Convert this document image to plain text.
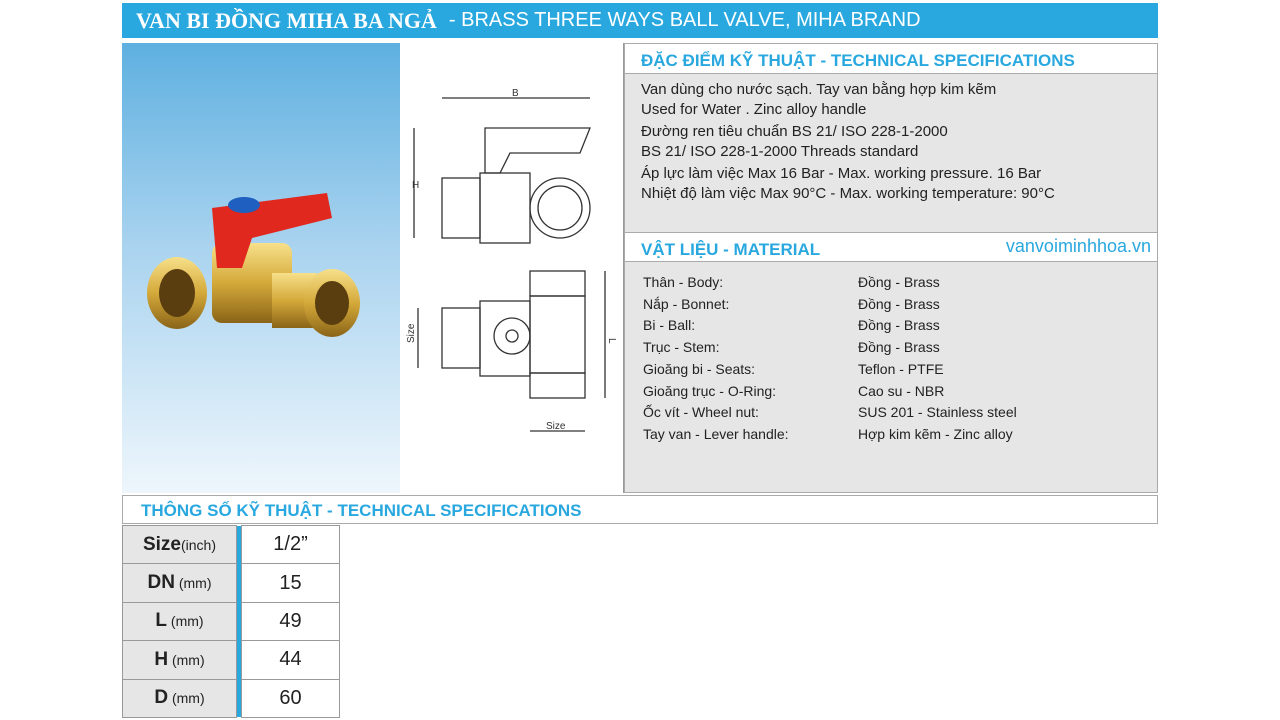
VAN BI ĐỒNG MIHA BA NGẢ - BRASS THREE WAYS BALL VALVE, MIHA BRAND
B
H
Size	L
Size
ĐẶC ĐIỂM KỸ THUẬT - TECHNICAL SPECIFICATIONS
Van dùng cho nước sạch. Tay van bằng hợp kim kẽm
Used for Water . Zinc alloy handle
Đường ren tiêu chuẩn BS 21/ ISO 228-1-2000
BS 21/ ISO 228-1-2000 Threads standard
Áp lực làm việc Max 16 Bar - Max. working pressure. 16 Bar
Nhiệt độ làm việc Max 90°C - Max. working temperature: 90°C
VẬT LIỆU - MATERIAL	vanvoiminhhoa.vn
Thân - Body:	Đồng - Brass
Nắp - Bonnet:	Đồng - Brass
Bi - Ball:	Đồng - Brass
Trục - Stem:	Đồng - Brass
Gioăng bi - Seats:	Teflon - PTFE
Gioăng trục - O-Ring:	Cao su - NBR
Ốc vít - Wheel nut:	SUS 201 - Stainless steel
Tay van - Lever handle:	Hợp kim kẽm - Zinc alloy
THÔNG SỐ KỸ THUẬT - TECHNICAL SPECIFICATIONS
Size(inch)		1/2”
DN (mm)		15
L (mm)		49
H (mm)		44
D (mm)		60
